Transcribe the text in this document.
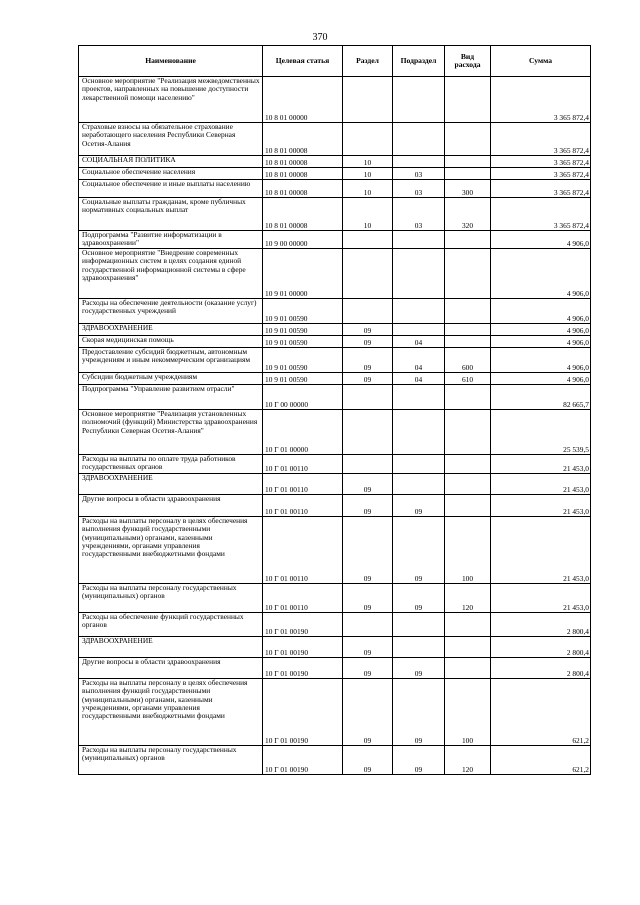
370
Наименование	Целевая статья	Раздел	Подраздел	Вид расхода	Сумма
Основное мероприятие "Реализация межведомственных проектов, направленных на повышение доступности лекарственной помощи населению"	10 8 01 00000				3 365 872,4
Страховые взносы на обязательное страхование неработающего населения Республики Северная Осетия-Алания	10 8 01 00008				3 365 872,4
СОЦИАЛЬНАЯ ПОЛИТИКА	10 8 01 00008	10			3 365 872,4
Социальное обеспечение населения	10 8 01 00008	10	03		3 365 872,4
Социальное обеспечение и иные выплаты населению	10 8 01 00008	10	03	300	3 365 872,4
Социальные выплаты гражданам, кроме публичных нормативных социальных выплат	10 8 01 00008	10	03	320	3 365 872,4
Подпрограмма "Развитие информатизации в здравоохранении"	10 9 00 00000				4 906,0
Основное мероприятие "Внедрение современных информационных систем в целях создания единой государственной информационной системы в сфере здравоохранения"	10 9 01 00000				4 906,0
Расходы на обеспечение деятельности (оказание услуг) государственных учреждений	10 9 01 00590				4 906,0
ЗДРАВООХРАНЕНИЕ	10 9 01 00590	09			4 906,0
Скорая медицинская помощь	10 9 01 00590	09	04		4 906,0
Предоставление субсидий бюджетным, автономным учреждениям и иным некоммерческим организациям	10 9 01 00590	09	04	600	4 906,0
Субсидии бюджетным учреждениям	10 9 01 00590	09	04	610	4 906,0
Подпрограмма "Управление развитием отрасли"	10 Г 00 00000				82 665,7
Основное мероприятие "Реализация установленных полномочий (функций) Министерства здравоохранения Республики Северная Осетия-Алания"	10 Г 01 00000				25 539,5
Расходы на выплаты по оплате труда работников государственных органов	10 Г 01 00110				21 453,0
ЗДРАВООХРАНЕНИЕ	10 Г 01 00110	09			21 453,0
Другие вопросы в области здравоохранения	10 Г 01 00110	09	09		21 453,0
Расходы на выплаты персоналу в целях обеспечения выполнения функций государственными (муниципальными) органами, казенными учреждениями, органами управления государственными внебюджетными фондами	10 Г 01 00110	09	09	100	21 453,0
Расходы на выплаты персоналу государственных (муниципальных) органов	10 Г 01 00110	09	09	120	21 453,0
Расходы на обеспечение функций государственных органов	10 Г 01 00190				2 800,4
ЗДРАВООХРАНЕНИЕ	10 Г 01 00190	09			2 800,4
Другие вопросы в области здравоохранения	10 Г 01 00190	09	09		2 800,4
Расходы на выплаты персоналу в целях обеспечения выполнения функций государственными (муниципальными) органами, казенными учреждениями, органами управления государственными внебюджетными фондами	10 Г 01 00190	09	09	100	621,2
Расходы на выплаты персоналу государственных (муниципальных) органов	10 Г 01 00190	09	09	120	621,2
